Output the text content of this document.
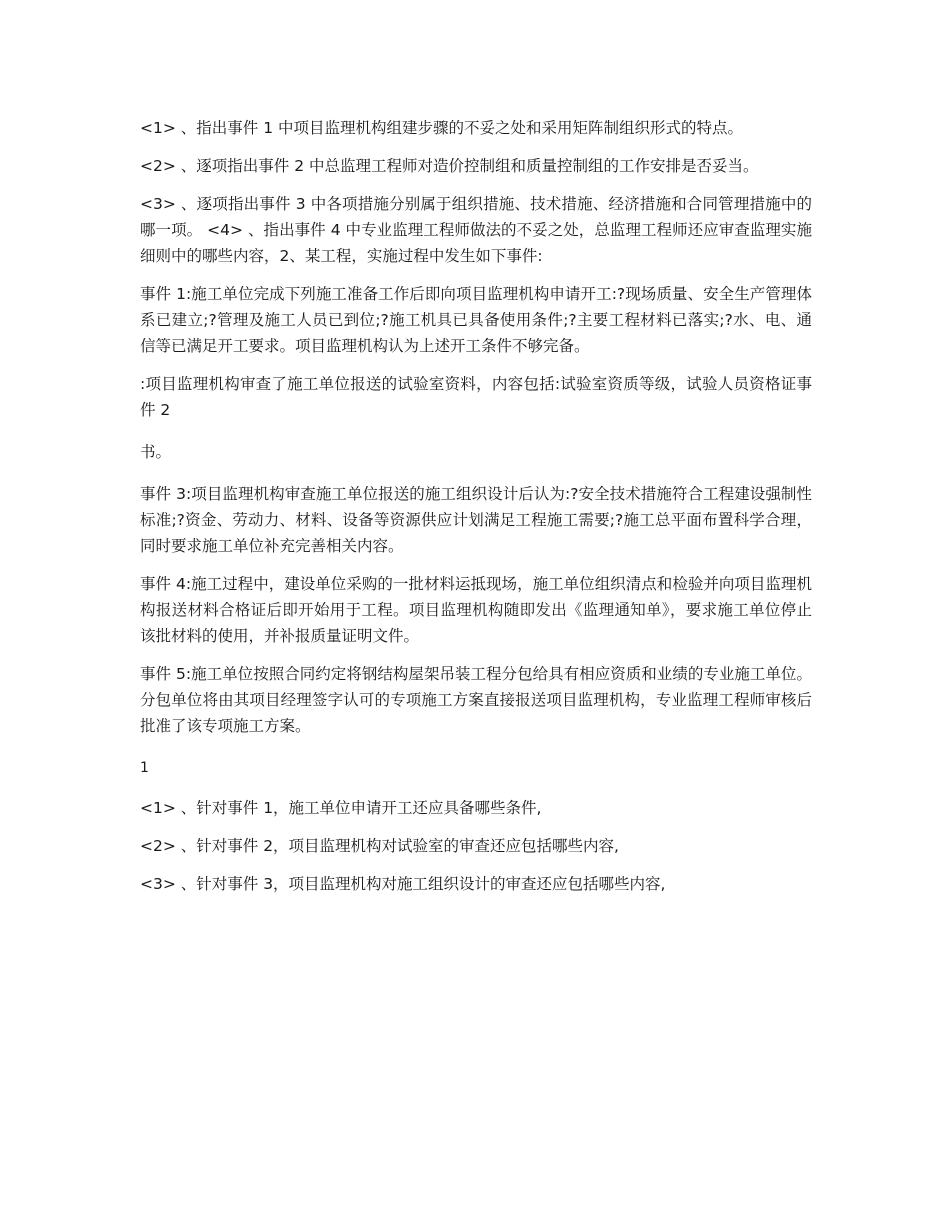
<1> 、指出事件 1 中项目监理机构组建步骤的不妥之处和采用矩阵制组织形式的特点。

<2> 、逐项指出事件 2 中总监理工程师对造价控制组和质量控制组的工作安排是否妥当。

<3> 、逐项指出事件 3 中各项措施分别属于组织措施、技术措施、经济措施和合同管理措施中的哪一项。 <4> 、指出事件 4 中专业监理工程师做法的不妥之处，总监理工程师还应审查监理实施细则中的哪些内容，2、某工程，实施过程中发生如下事件:

事件 1:施工单位完成下列施工准备工作后即向项目监理机构申请开工:?现场质量、安全生产管理体系已建立;?管理及施工人员已到位;?施工机具已具备使用条件;?主要工程材料已落实;?水、电、通信等已满足开工要求。项目监理机构认为上述开工条件不够完备。

:项目监理机构审查了施工单位报送的试验室资料，内容包括:试验室资质等级，试验人员资格证事件 2

书。

事件 3:项目监理机构审查施工单位报送的施工组织设计后认为:?安全技术措施符合工程建设强制性标准;?资金、劳动力、材料、设备等资源供应计划满足工程施工需要;?施工总平面布置科学合理，同时要求施工单位补充完善相关内容。

事件 4:施工过程中，建设单位采购的一批材料运抵现场，施工单位组织清点和检验并向项目监理机构报送材料合格证后即开始用于工程。项目监理机构随即发出《监理通知单》，要求施工单位停止该批材料的使用，并补报质量证明文件。

事件 5:施工单位按照合同约定将钢结构屋架吊装工程分包给具有相应资质和业绩的专业施工单位。分包单位将由其项目经理签字认可的专项施工方案直接报送项目监理机构，专业监理工程师审核后批准了该专项施工方案。

1

<1> 、针对事件 1，施工单位申请开工还应具备哪些条件,

<2> 、针对事件 2，项目监理机构对试验室的审查还应包括哪些内容,

<3> 、针对事件 3，项目监理机构对施工组织设计的审查还应包括哪些内容,
